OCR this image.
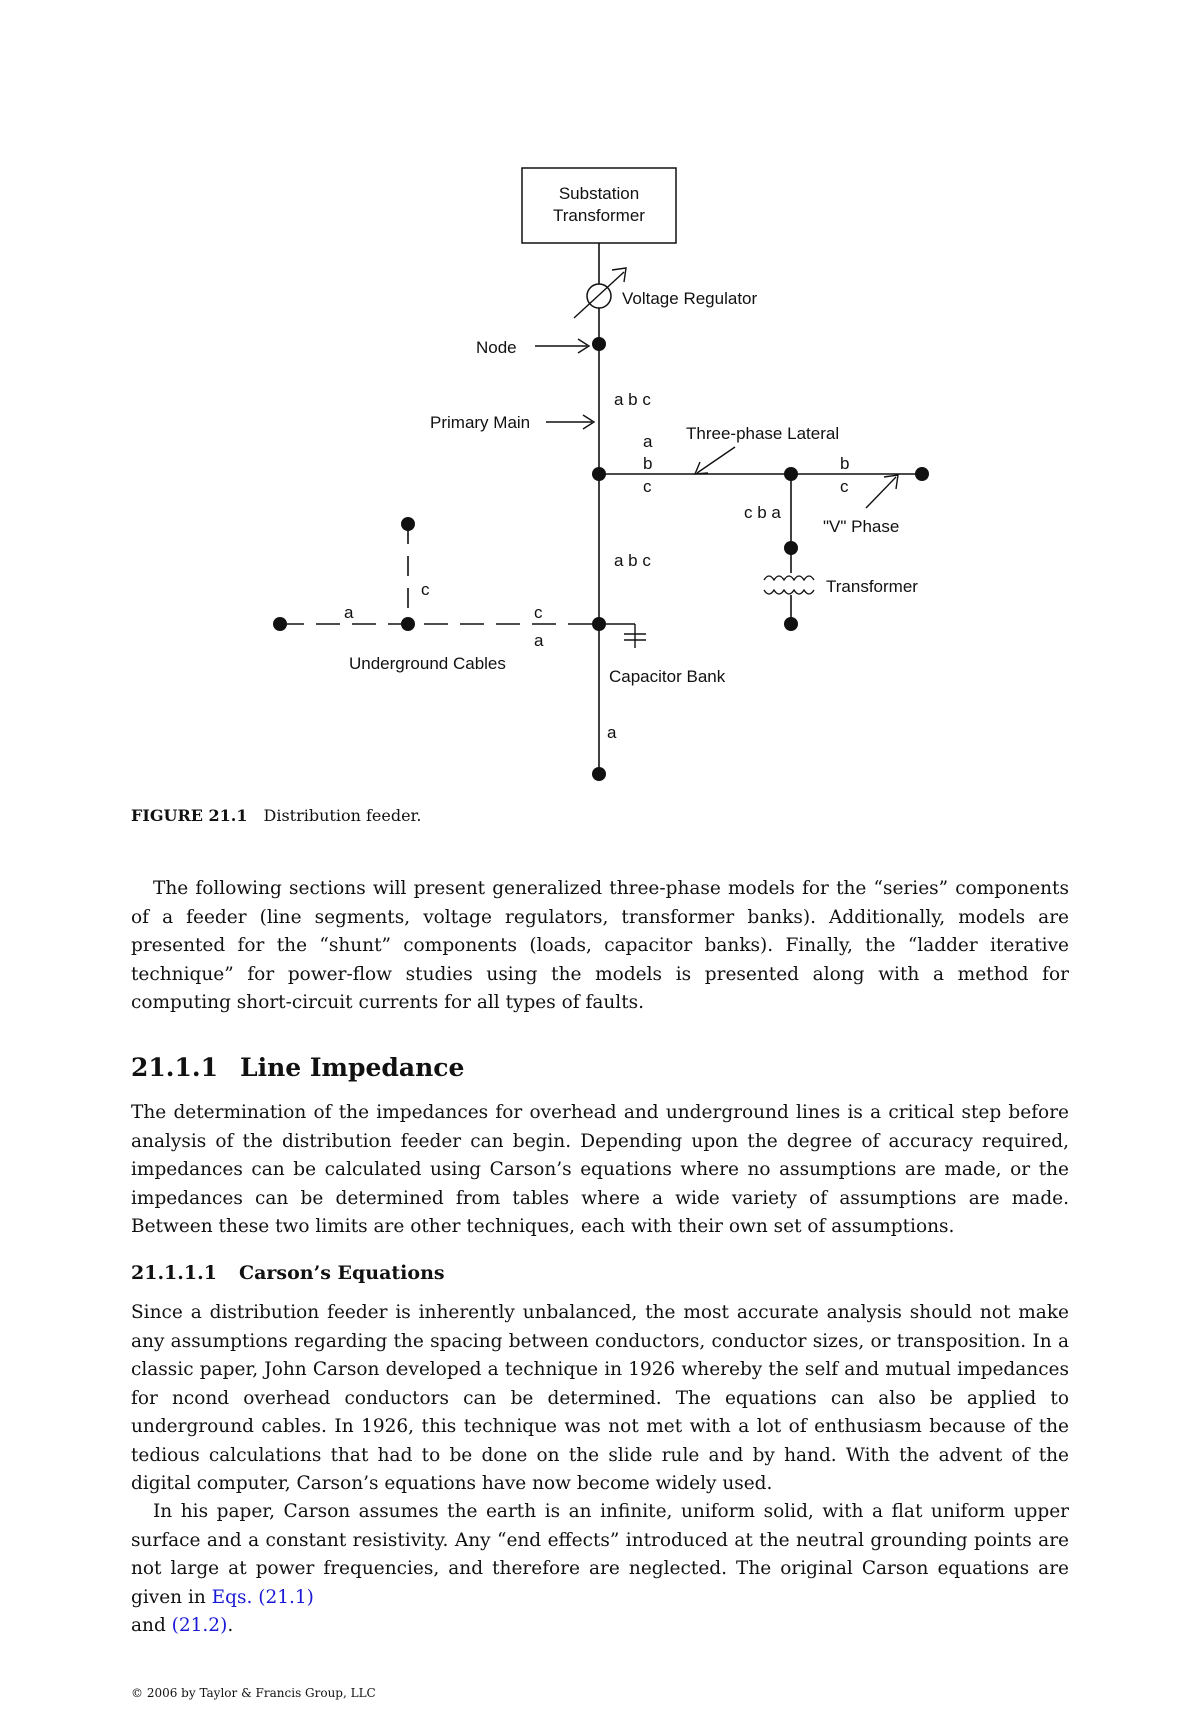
Substation
Transformer
Voltage Regulator
Node
Primary Main
a b c
a
b
c
Three-phase Lateral
b
c
"V" Phase
c b a
Transformer
a b c
c
a	c
a
Underground Cables
Capacitor Bank
a
FIGURE 21.1 Distribution feeder.

The following sections will present generalized three-phase models for the “series” components of a feeder (line segments, voltage regulators, transformer banks). Additionally, models are presented for the “shunt” components (loads, capacitor banks). Finally, the “ladder iterative technique” for power-flow studies using the models is presented along with a method for computing short-circuit currents for all types of faults.

21.1.1 Line Impedance

The determination of the impedances for overhead and underground lines is a critical step before analysis of the distribution feeder can begin. Depending upon the degree of accuracy required, impedances can be calculated using Carson’s equations where no assumptions are made, or the impedances can be determined from tables where a wide variety of assumptions are made. Between these two limits are other techniques, each with their own set of assumptions.

21.1.1.1 Carson’s Equations

Since a distribution feeder is inherently unbalanced, the most accurate analysis should not make any assumptions regarding the spacing between conductors, conductor sizes, or transposition. In a classic paper, John Carson developed a technique in 1926 whereby the self and mutual impedances for ncond overhead conductors can be determined. The equations can also be applied to underground cables. In 1926, this technique was not met with a lot of enthusiasm because of the tedious calculations that had to be done on the slide rule and by hand. With the advent of the digital computer, Carson’s equations have now become widely used.

In his paper, Carson assumes the earth is an infinite, uniform solid, with a flat uniform upper surface and a constant resistivity. Any “end effects” introduced at the neutral grounding points are not large at power frequencies, and therefore are neglected. The original Carson equations are given in Eqs. (21.1)
and (21.2).

© 2006 by Taylor & Francis Group, LLC
